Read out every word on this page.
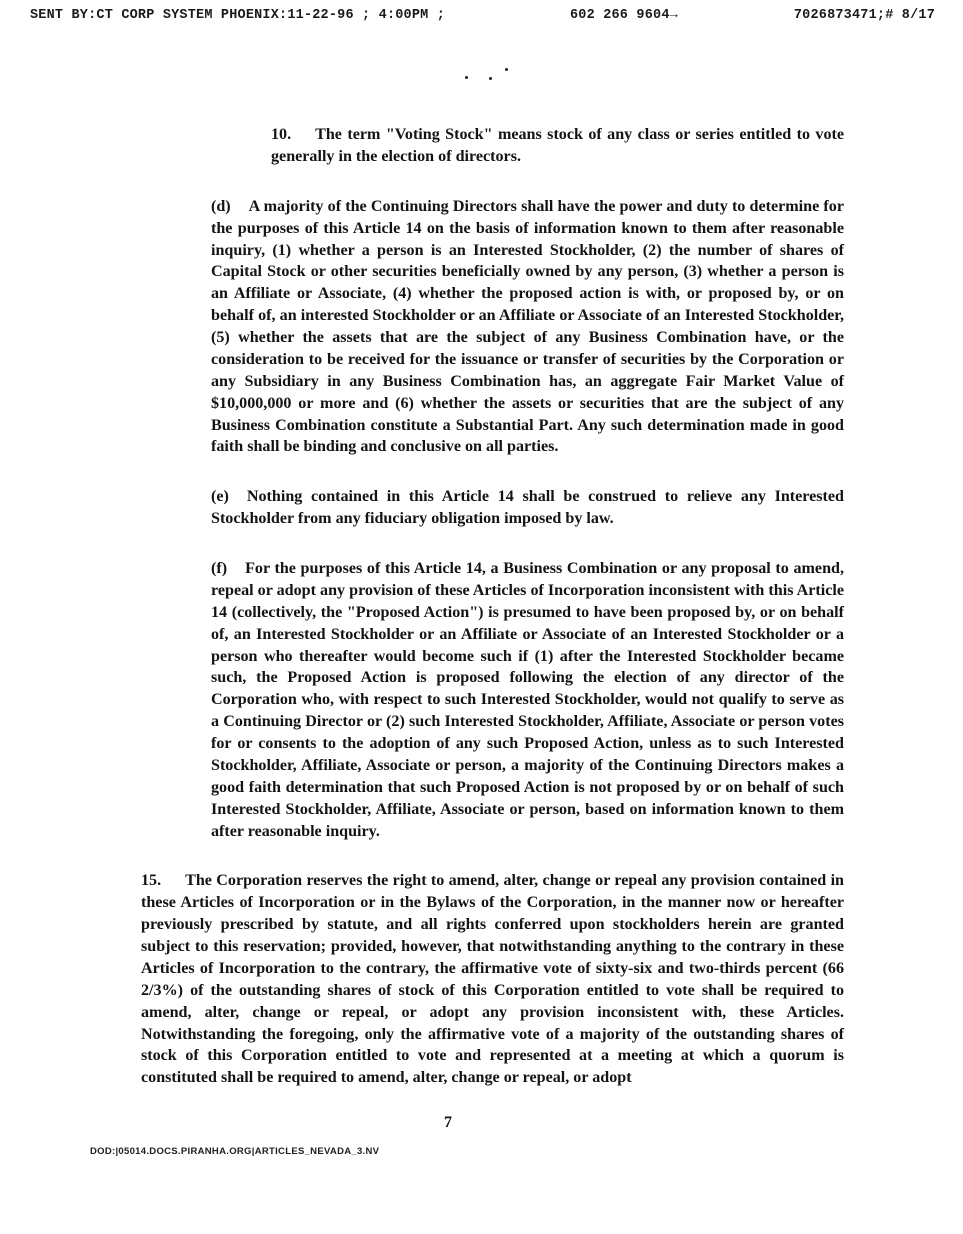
SENT BY:CT CORP SYSTEM PHOENIX:11-22-96 ; 4:00PM ;	602 266 9604→	7026873471;# 8/17

10. The term "Voting Stock" means stock of any class or series entitled to vote generally in the election of directors.

(d) A majority of the Continuing Directors shall have the power and duty to determine for the purposes of this Article 14 on the basis of information known to them after reasonable inquiry, (1) whether a person is an Interested Stockholder, (2) the number of shares of Capital Stock or other securities beneficially owned by any person, (3) whether a person is an Affiliate or Associate, (4) whether the proposed action is with, or proposed by, or on behalf of, an interested Stockholder or an Affiliate or Associate of an Interested Stockholder, (5) whether the assets that are the subject of any Business Combination have, or the consideration to be received for the issuance or transfer of securities by the Corporation or any Subsidiary in any Business Combination has, an aggregate Fair Market Value of $10,000,000 or more and (6) whether the assets or securities that are the subject of any Business Combination constitute a Substantial Part. Any such determination made in good faith shall be binding and conclusive on all parties.

(e) Nothing contained in this Article 14 shall be construed to relieve any Interested Stockholder from any fiduciary obligation imposed by law.

(f) For the purposes of this Article 14, a Business Combination or any proposal to amend, repeal or adopt any provision of these Articles of Incorporation inconsistent with this Article 14 (collectively, the "Proposed Action") is presumed to have been proposed by, or on behalf of, an Interested Stockholder or an Affiliate or Associate of an Interested Stockholder or a person who thereafter would become such if (1) after the Interested Stockholder became such, the Proposed Action is proposed following the election of any director of the Corporation who, with respect to such Interested Stockholder, would not qualify to serve as a Continuing Director or (2) such Interested Stockholder, Affiliate, Associate or person votes for or consents to the adoption of any such Proposed Action, unless as to such Interested Stockholder, Affiliate, Associate or person, a majority of the Continuing Directors makes a good faith determination that such Proposed Action is not proposed by or on behalf of such Interested Stockholder, Affiliate, Associate or person, based on information known to them after reasonable inquiry.

15. The Corporation reserves the right to amend, alter, change or repeal any provision contained in these Articles of Incorporation or in the Bylaws of the Corporation, in the manner now or hereafter previously prescribed by statute, and all rights conferred upon stockholders herein are granted subject to this reservation; provided, however, that notwithstanding anything to the contrary in these Articles of Incorporation to the contrary, the affirmative vote of sixty-six and two-thirds percent (66 2/3%) of the outstanding shares of stock of this Corporation entitled to vote shall be required to amend, alter, change or repeal, or adopt any provision inconsistent with, these Articles. Notwithstanding the foregoing, only the affirmative vote of a majority of the outstanding shares of stock of this Corporation entitled to vote and represented at a meeting at which a quorum is constituted shall be required to amend, alter, change or repeal, or adopt

7
DOD:|05014.DOCS.PIRANHA.ORG|ARTICLES_NEVADA_3.NV
